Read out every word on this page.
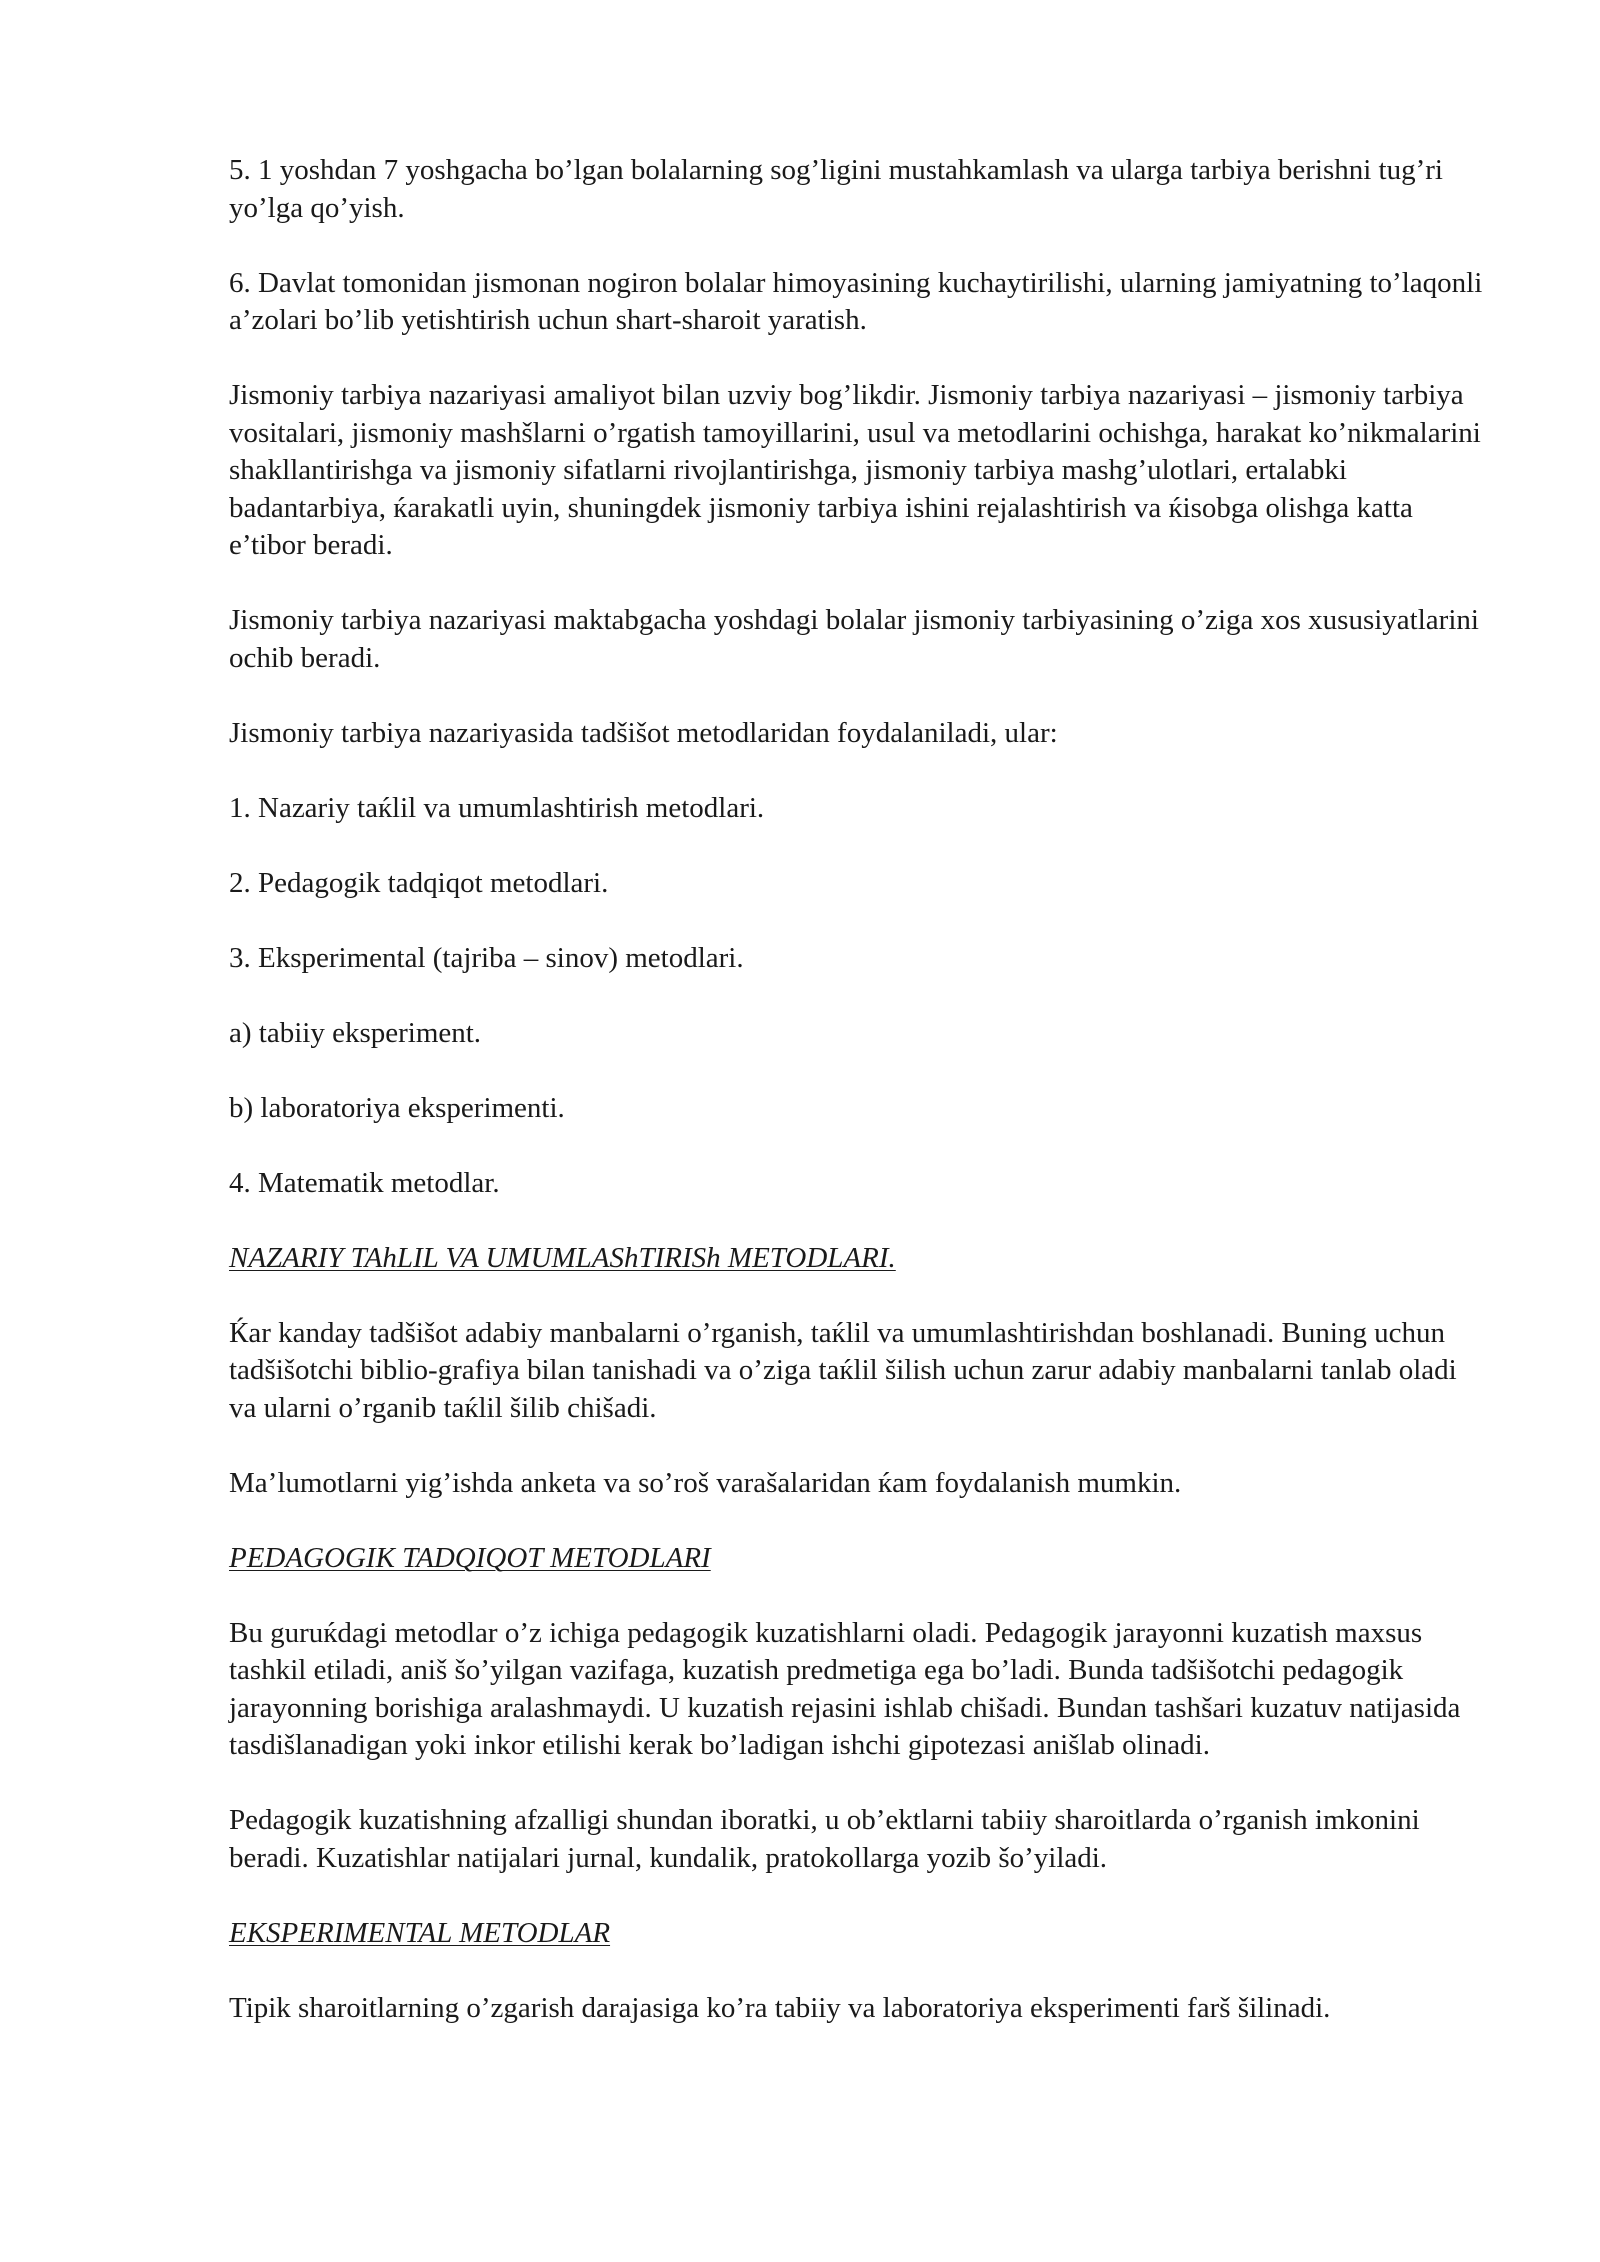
5. 1 yoshdan 7 yoshgacha bo’lgan bolalarning sog’ligini mustahkamlash va ularga tarbiya berishni tug’ri yo’lga qo’yish.

6. Davlat tomonidan jismonan nogiron bolalar himoyasining kuchaytirilishi, ularning jamiyatning to’laqonli a’zolari bo’lib yetishtirish uchun shart-sharoit yaratish.

Jismoniy tarbiya nazariyasi amaliyot bilan uzviy bog’likdir. Jismoniy tarbiya nazariyasi – jismoniy tarbiya vositalari, jismoniy mashšlarni o’rgatish tamoyillarini, usul va metodlarini ochishga, harakat ko’nikmalarini shakllantirishga va jismoniy sifatlarni rivojlantirishga, jismoniy tarbiya mashg’ulotlari, ertalabki badantarbiya, ќarakatli uyin, shuningdek jismoniy tarbiya ishini rejalashtirish va ќisobga olishga katta e’tibor beradi.

Jismoniy tarbiya nazariyasi maktabgacha yoshdagi bolalar jismoniy tarbiyasining o’ziga xos xususiyatlarini ochib beradi.

Jismoniy tarbiya nazariyasida tadšišot metodlaridan foydalaniladi, ular:

1. Nazariy taќlil va umumlashtirish metodlari.

2. Pedagogik tadqiqot metodlari.

3. Eksperimental (tajriba – sinov) metodlari.

a) tabiiy eksperiment.

b) laboratoriya eksperimenti.

4. Matematik metodlar.

NAZARIY TAhLIL VA UMUMLAShTIRISh METODLARI.

Ќar kanday tadšišot adabiy manbalarni o’rganish, taќlil va umumlashtirishdan boshlanadi. Buning uchun tadšišotchi biblio-grafiya bilan tanishadi va o’ziga taќlil šilish uchun zarur adabiy manbalarni tanlab oladi va ularni o’rganib taќlil šilib chišadi.

Ma’lumotlarni yig’ishda anketa va so’roš varašalaridan ќam foydalanish mumkin.

PEDAGOGIK TADQIQOT METODLARI

Bu guruќdagi metodlar o’z ichiga pedagogik kuzatishlarni oladi. Pedagogik jarayonni kuzatish maxsus tashkil etiladi, aniš šo’yilgan vazifaga, kuzatish predmetiga ega bo’ladi. Bunda tadšišotchi pedagogik jarayonning borishiga aralashmaydi. U kuzatish rejasini ishlab chišadi. Bundan tashšari kuzatuv natijasida tasdišlanadigan yoki inkor etilishi kerak bo’ladigan ishchi gipotezasi anišlab olinadi.

Pedagogik kuzatishning afzalligi shundan iboratki, u ob’ektlarni tabiiy sharoitlarda o’rganish imkonini beradi. Kuzatishlar natijalari jurnal, kundalik, pratokollarga yozib šo’yiladi.

EKSPERIMENTAL METODLAR

Tipik sharoitlarning o’zgarish darajasiga ko’ra tabiiy va laboratoriya eksperimenti farš šilinadi.
